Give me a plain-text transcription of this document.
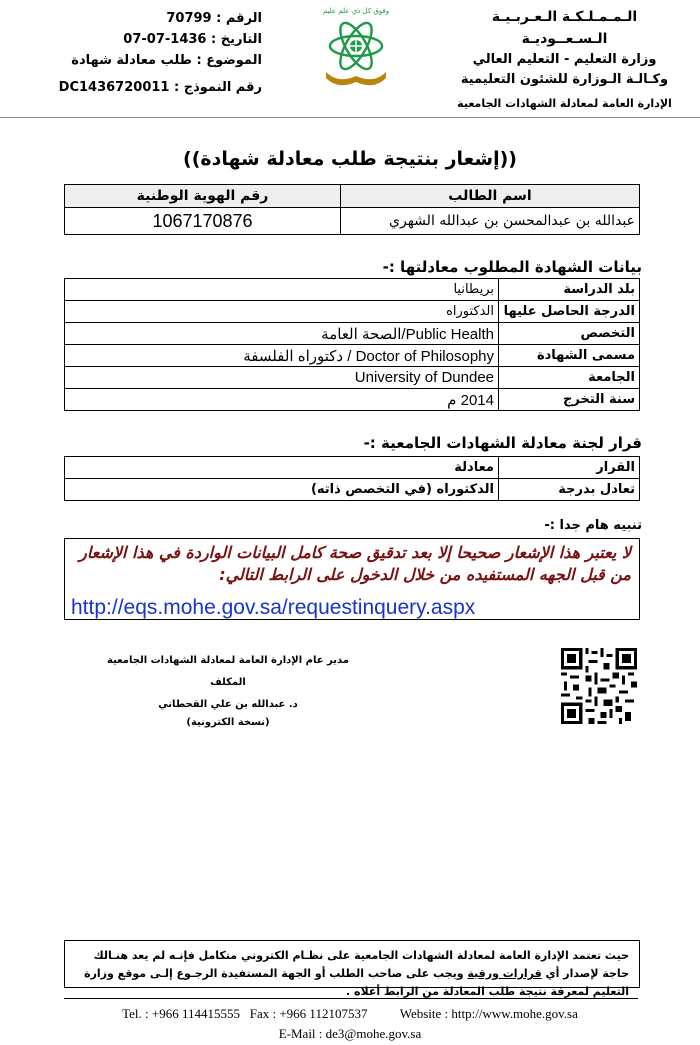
الـمـمـلـكـة الـعـربـيـة الـسـعــوديـة
وزارة التعليم - التعليم العالي
وكـالـة الـوزارة للشئون التعليمية
الإدارة العامة لمعادلة الشهادات الجامعية
وفوق كل ذي علم عليم
الرقم : 70799
التاريخ : 1436-07-07
الموضوع : طلب معادلة شهادة
رقم النموذج : DC1436720011
((إشعار بنتيجة طلب معادلة شهادة))
اسم الطالب	رقم الهوية الوطنية
عبدالله بن عبدالمحسن بن عبدالله الشهري	1067170876
بيانات الشهادة المطلوب معادلتها :-
بلد الدراسة	بريطانيا
الدرجة الحاصل عليها	الدكتوراه
التخصص	Public Health/الصحة العامة
مسمى الشهادة	Doctor of Philosophy / دكتوراه الفلسفة
الجامعة	University of Dundee
سنة التخرج	2014 م
قرار لجنة معادلة الشهادات الجامعية :-
القرار	معادلة
تعادل بدرجة	الدكتوراه (في التخصص ذاته)
تنبيه هام جدا :-
لا يعتبر هذا الإشعار صحيحا إلا بعد تدقيق صحة كامل البيانات الواردة في هذا الإشعار من قبل الجهه المستفيده من خلال الدخول على الرابط التالي:
http://eqs.mohe.gov.sa/requestinquery.aspx
مدير عام الإدارة العامة لمعادلة الشهادات الجامعية المكلف
د. عبدالله بن علي القحطاني
(نسخة الكترونية)
حيث تعتمد الإدارة العامة لمعادلة الشهادات الجامعية على نظـام الكتروني متكامل فإنـه لم يعد هنـالك حاجة لإصدار أي قرارات ورقية ويجب على صاحب الطلب أو الجهة المستفيدة الرجـوع إلـى موقع وزارة التعليم لمعرفة نتيجة طلب المعادلة من الرابط أعلاه .
Tel. : +966 114415555   Fax : +966 112107537          Website : http://www.mohe.gov.sa
E-Mail : de3@mohe.gov.sa
